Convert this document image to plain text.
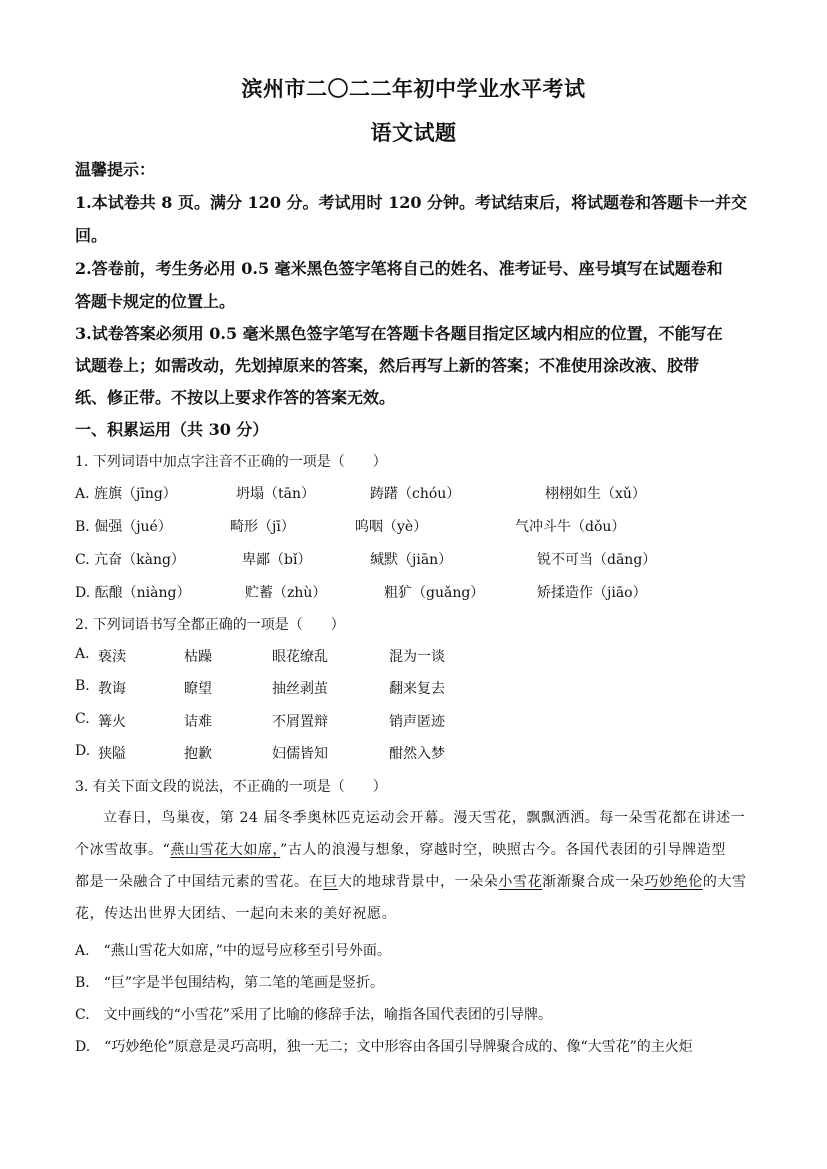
滨州市二〇二二年初中学业水平考试
语文试题
温馨提示：
1.本试卷共 8 页。满分 120 分。考试用时 120 分钟。考试结束后，将试题卷和答题卡一并交
回。
2.答卷前，考生务必用 0.5 毫米黑色签字笔将自己的姓名、准考证号、座号填写在试题卷和
答题卡规定的位置上。
3.试卷答案必须用 0.5 毫米黑色签字笔写在答题卡各题目指定区域内相应的位置，不能写在
试题卷上；如需改动，先划掉原来的答案，然后再写上新的答案；不准使用涂改液、胶带
纸、修正带。不按以上要求作答的答案无效。
一、积累运用（共 30 分）
1. 下列词语中加点字注音不正确的一项是（　　）
A. 旌旗（jīng）	坍塌（tān）	踌躇（chóu）	栩栩如生（xǔ）
B. 倔强（jué）	畸形（jī）	呜咽（yè）	气冲斗牛（dǒu）
C. 亢奋（kàng）	卑鄙（bǐ）	缄默（jiān）	锐不可当（dāng）
D. 酝酿（niàng）	贮蓄（zhù）	粗犷（guǎng）	矫揉造作（jiāo）
2. 下列词语书写全都正确的一项是（　　）
A. 亵渎	枯躁	眼花缭乱	混为一谈
B. 教诲	瞭望	抽丝剥茧	翻来复去
C. 篝火	诘难	不屑置辩	销声匿迹
D. 狭隘	抱歉	妇儒皆知	酣然入梦
3. 有关下面文段的说法，不正确的一项是（　　）
立春日，鸟巢夜，第 24 届冬季奥林匹克运动会开幕。漫天雪花，飘飘洒洒。每一朵雪花都在讲述一
个冰雪故事。“燕山雪花大如席，”古人的浪漫与想象，穿越时空，映照古今。各国代表团的引导牌造型
都是一朵融合了中国结元素的雪花。在巨大的地球背景中，一朵朵小雪花渐渐聚合成一朵巧妙绝伦的大雪
花，传达出世界大团结、一起向未来的美好祝愿。
A.　“燕山雪花大如席，”中的逗号应移至引号外面。
B.　“巨”字是半包围结构，第二笔的笔画是竖折。
C.　文中画线的“小雪花”采用了比喻的修辞手法，喻指各国代表团的引导牌。
D.　“巧妙绝伦”原意是灵巧高明，独一无二；文中形容由各国引导牌聚合成的、像“大雪花”的主火炬
